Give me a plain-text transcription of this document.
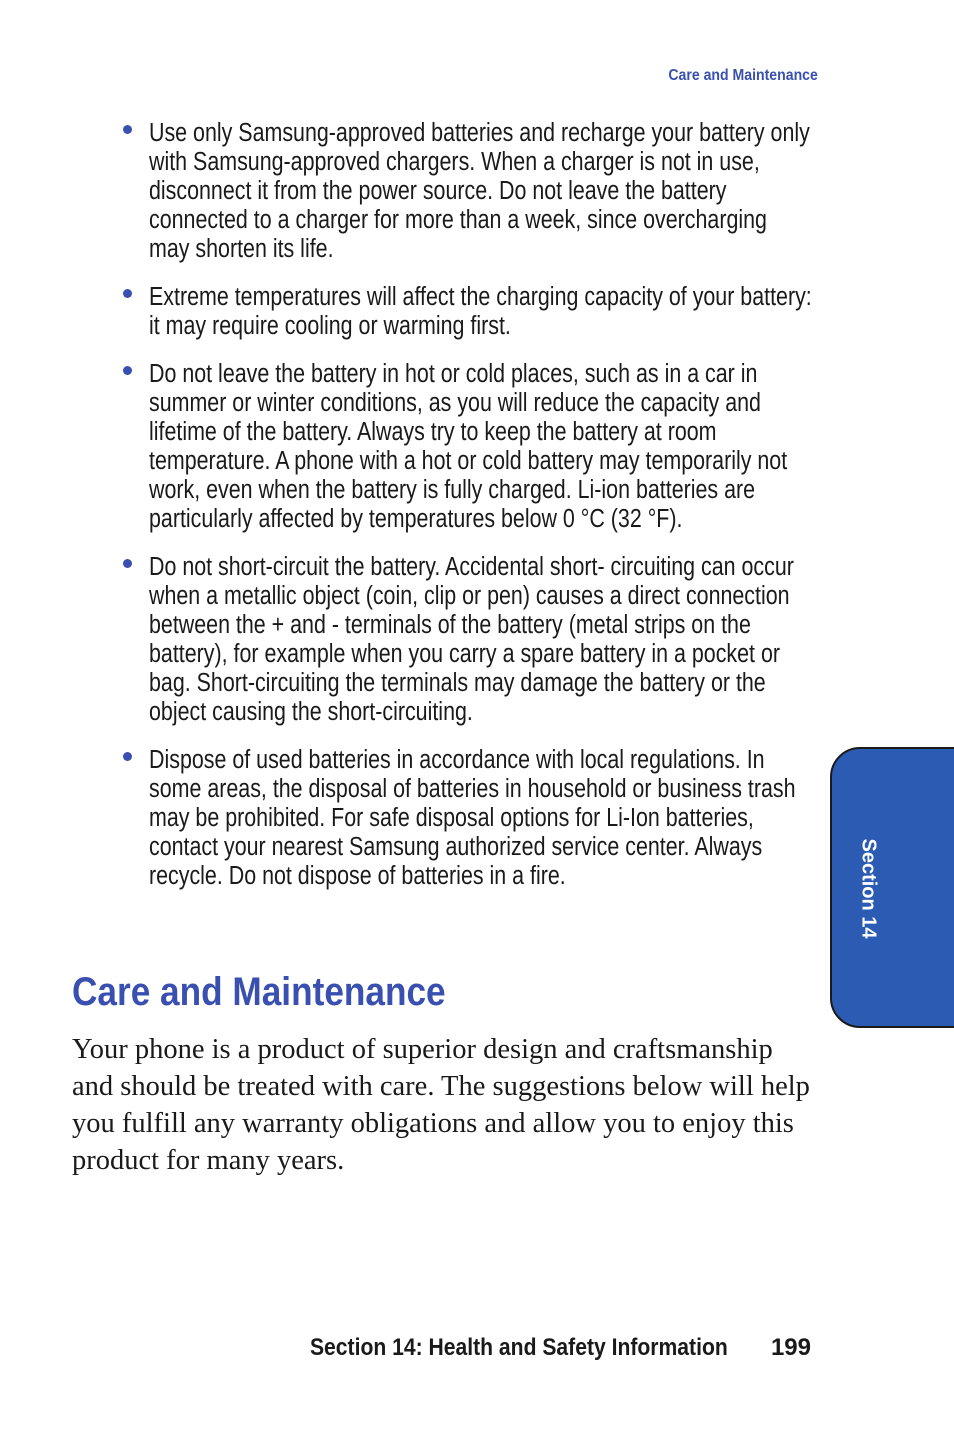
Care and Maintenance
Use only Samsung-approved batteries and recharge your battery only with Samsung-approved chargers. When a charger is not in use, disconnect it from the power source. Do not leave the battery connected to a charger for more than a week, since overcharging may shorten its life.
Extreme temperatures will affect the charging capacity of your battery: it may require cooling or warming first.
Do not leave the battery in hot or cold places, such as in a car in summer or winter conditions, as you will reduce the capacity and lifetime of the battery. Always try to keep the battery at room temperature. A phone with a hot or cold battery may temporarily not work, even when the battery is fully charged. Li-ion batteries are particularly affected by temperatures below 0 °C (32 °F).
Do not short-circuit the battery. Accidental short- circuiting can occur when a metallic object (coin, clip or pen) causes a direct connection between the + and - terminals of the battery (metal strips on the battery), for example when you carry a spare battery in a pocket or bag. Short-circuiting the terminals may damage the battery or the object causing the short-circuiting.
Dispose of used batteries in accordance with local regulations. In some areas, the disposal of batteries in household or business trash may be prohibited. For safe disposal options for Li-Ion batteries, contact your nearest Samsung authorized service center. Always recycle. Do not dispose of batteries in a fire.
Care and Maintenance

Your phone is a product of superior design and craftsmanship and should be treated with care. The suggestions below will help you fulfill any warranty obligations and allow you to enjoy this product for many years.

Section 14
Section 14: Health and Safety Information 199
